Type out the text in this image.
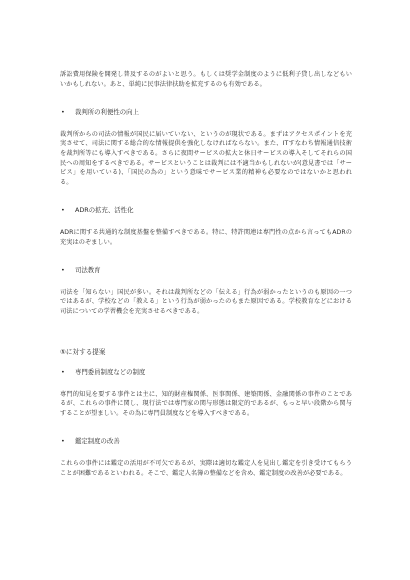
訴訟費用保険を開発し普及するのがよいと思う。もしくは奨学金制度のように低利子貸し出しなどもいいかもしれない。あと、単純に民事法律扶助を拡充するのも有効である。

•	裁判所の利便性の向上

裁判所からの司法の情報が国民に届いていない、というのが現状である。まずはアクセスポイントを充実させて、司法に関する総合的な情報提供を強化しなければならない。また、ITすなわち情報通信技術を裁判所等にも導入すべきである。さらに夜間サービスの拡大と休日サービスの導入そしてそれらの国民への周知をするべきである。サービスということは裁判には不適当かもしれないが(意見書では「サービス」を用いている)、「国民の為の」という意味でサービス業的精神も必要なのではないかと思われる。

•	ADRの拡充、活性化

ADRに関する共通的な制度基盤を整備すべきである。特に、特許関連は専門性の点から言ってもADRの充実はのぞましい。

•	司法教育

司法を「知らない」国民が多い。それは裁判所などの「伝える」行為が弱かったというのも原因の一つではあるが、学校などの「教える」という行為が弱かったのもまた原因である。学校教育などにおける司法についての学習機会を充実させるべきである。

⑤に対する提案
•	専門委員制度などの制度

専門的知見を要する事件とは主に、知的財産権関係、医事関係、建築関係、金融関係の事件のことであるが、これらの事件に関し、現行法では専門家の関与形態は限定的であるが、もっと早い段階から関与することが望ましい。その為に専門員制度などを導入すべきである。

•	鑑定制度の改善

これらの事件には鑑定の活用が不可欠であるが、実際は適切な鑑定人を見出し鑑定を引き受けてもらうことが困難であるといわれる。そこで、鑑定人名簿の整備などを含め、鑑定制度の改善が必要である。
